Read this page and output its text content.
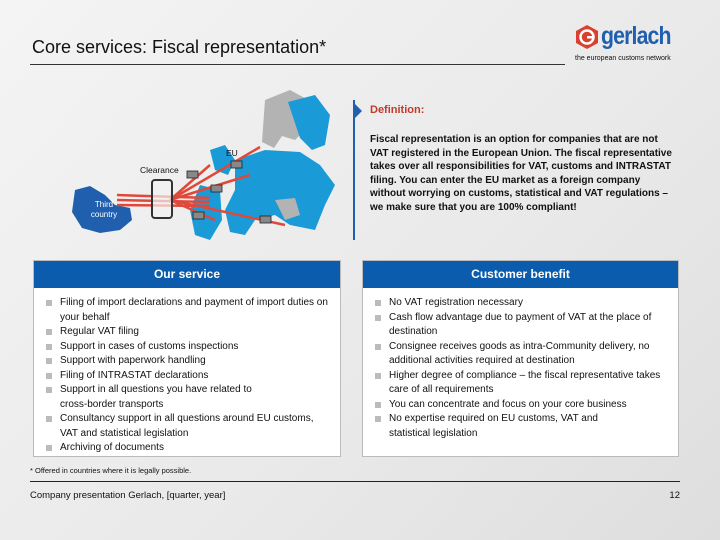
Core services: Fiscal representation*	gerlach
the european customs network
EU
Clearance
Third country
Definition:
Fiscal representation is an option for companies that are not VAT registered in the European Union. The fiscal representative takes over all responsibilities for VAT, customs and INTRASTAT filing. You can enter the EU market as a foreign company without worrying on customs, statistical and VAT regulations – we make sure that you are 100% compliant!
Our service
Filing of import declarations and payment of import duties on your behalf
Regular VAT filing
Support in cases of customs inspections
Support with paperwork handling
Filing of INTRASTAT declarations
Support in all questions you have related to cross-border transports
Consultancy support in all questions around EU customs, VAT and statistical legislation
Archiving of documents
Customer benefit
No VAT registration necessary
Cash flow advantage due to payment of VAT at the place of destination
Consignee receives goods as intra-Community delivery, no additional activities required at destination
Higher degree of compliance – the fiscal representative takes care of all requirements
You can concentrate and focus on your core business
No expertise required on EU customs, VAT and statistical legislation
* Offered in countries where it is legally possible.
Company presentation Gerlach, [quarter, year]	12
